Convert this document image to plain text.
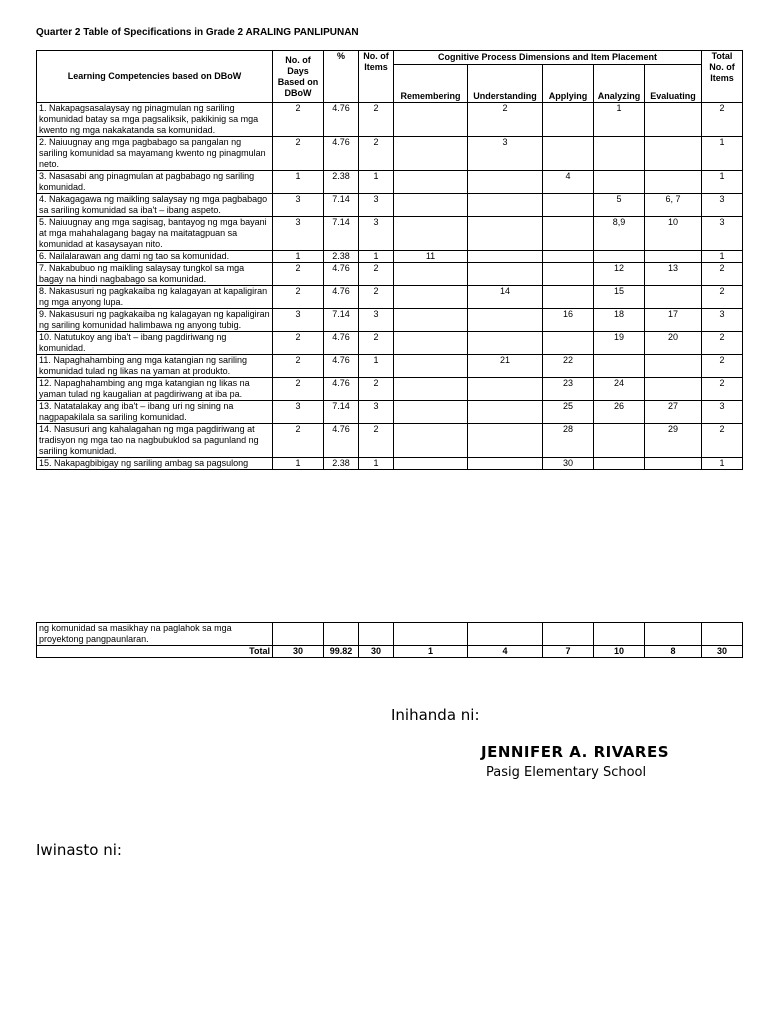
Quarter 2 Table of Specifications in Grade 2 ARALING PANLIPUNAN
Learning Competencies based on DBoW	No. of Days Based on DBoW	%	No. of Items	Cognitive Process Dimensions and Item Placement					Total No. of Items
				Remembering	Understanding	Applying	Analyzing	Evaluating	
1. Nakapagsasalaysay ng pinagmulan ng sariling komunidad batay sa mga pagsaliksik, pakikinig sa mga kwento ng mga nakakatanda sa komunidad.	2	4.76	2		2		1		2
2. Naiuugnay ang mga pagbabago sa pangalan ng sariling komunidad sa mayamang kwento ng pinagmulan neto.	2	4.76	2		3				1
3. Nasasabi ang pinagmulan at pagbabago ng sariling komunidad.	1	2.38	1			4			1
4. Nakagagawa ng maikling salaysay ng mga pagbabago sa sariling komunidad sa iba't – ibang aspeto.	3	7.14	3				5	6, 7	3
5. Naiuugnay ang mga sagisag, bantayog ng mga bayani at mga mahahalagang bagay na maitatagpuan sa komunidad at kasaysayan nito.	3	7.14	3				8,9	10	3
6. Nailalarawan ang dami ng tao sa komunidad.	1	2.38	1	11					1
7. Nakabubuo ng maikling salaysay tungkol sa mga bagay na hindi nagbabago sa komunidad.	2	4.76	2				12	13	2
8. Nakasusuri ng pagkakaiba ng kalagayan at kapaligiran ng mga anyong lupa.	2	4.76	2		14		15		2
9. Nakasusuri ng pagkakaiba ng kalagayan ng kapaligiran ng sariling komunidad halimbawa ng anyong tubig.	3	7.14	3			16	18	17	3
10. Natutukoy ang iba't – ibang pagdiriwang ng komunidad.	2	4.76	2				19	20	2
11. Napaghahambing ang mga katangian ng sariling komunidad tulad ng likas na yaman at produkto.	2	4.76	1		21	22			2
12. Napaghahambing ang mga katangian ng likas na yaman tulad ng kaugalian at pagdiriwang at iba pa.	2	4.76	2			23	24		2
13. Natatalakay ang iba't – ibang uri ng sining na nagpapakilala sa sariling komunidad.	3	7.14	3			25	26	27	3
14. Nasusuri ang kahalagahan ng mga pagdiriwang at tradisyon ng mga tao na nagbubuklod sa pagunland ng sariling komunidad.	2	4.76	2			28		29	2
15. Nakapagbibigay ng sariling ambag sa pagsulong	1	2.38	1			30			1
ng komunidad sa masikhay na paglahok sa mga proyektong pangpaunlaran.									
Total	30	99.82	30	1	4	7	10	8	30
Inihanda ni:
JENNIFER A. RIVARES
Pasig Elementary School
Iwinasto ni:
